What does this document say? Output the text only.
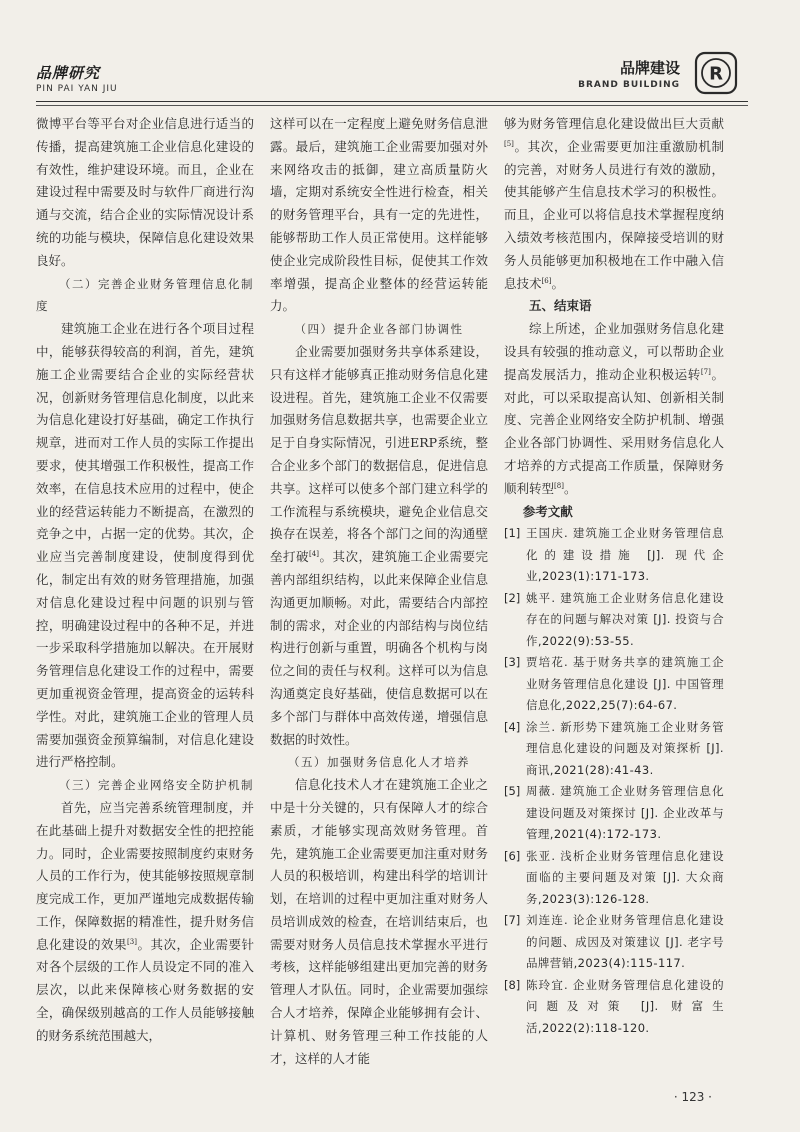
品牌研究
PIN PAI YAN JIU
品牌建设
BRAND BUILDING
R

微博平台等平台对企业信息进行适当的传播，提高建筑施工企业信息化建设的有效性，维护建设环境。而且，企业在建设过程中需要及时与软件厂商进行沟通与交流，结合企业的实际情况设计系统的功能与模块，保障信息化建设效果良好。

（二）完善企业财务管理信息化制度

建筑施工企业在进行各个项目过程中，能够获得较高的利润，首先，建筑施工企业需要结合企业的实际经营状况，创新财务管理信息化制度，以此来为信息化建设打好基础，确定工作执行规章，进而对工作人员的实际工作提出要求，使其增强工作积极性，提高工作效率，在信息技术应用的过程中，使企业的经营运转能力不断提高，在激烈的竞争之中，占据一定的优势。其次，企业应当完善制度建设，使制度得到优化，制定出有效的财务管理措施，加强对信息化建设过程中问题的识别与管控，明确建设过程中的各种不足，并进一步采取科学措施加以解决。在开展财务管理信息化建设工作的过程中，需要更加重视资金管理，提高资金的运转科学性。对此，建筑施工企业的管理人员需要加强资金预算编制，对信息化建设进行严格控制。

（三）完善企业网络安全防护机制

首先，应当完善系统管理制度，并在此基础上提升对数据安全性的把控能力。同时，企业需要按照制度约束财务人员的工作行为，使其能够按照规章制度完成工作，更加严谨地完成数据传输工作，保障数据的精准性，提升财务信息化建设的效果[3]。其次，企业需要针对各个层级的工作人员设定不同的准入层次，以此来保障核心财务数据的安全，确保级别越高的工作人员能够接触的财务系统范围越大，

这样可以在一定程度上避免财务信息泄露。最后，建筑施工企业需要加强对外来网络攻击的抵御，建立高质量防火墙，定期对系统安全性进行检查，相关的财务管理平台，具有一定的先进性，能够帮助工作人员正常使用。这样能够使企业完成阶段性目标，促使其工作效率增强，提高企业整体的经营运转能力。

（四）提升企业各部门协调性

企业需要加强财务共享体系建设，只有这样才能够真正推动财务信息化建设进程。首先，建筑施工企业不仅需要加强财务信息数据共享，也需要企业立足于自身实际情况，引进ERP系统，整合企业多个部门的数据信息，促进信息共享。这样可以使多个部门建立科学的工作流程与系统模块，避免企业信息交换存在误差，将各个部门之间的沟通壁垒打破[4]。其次，建筑施工企业需要完善内部组织结构，以此来保障企业信息沟通更加顺畅。对此，需要结合内部控制的需求，对企业的内部结构与岗位结构进行创新与重置，明确各个机构与岗位之间的责任与权利。这样可以为信息沟通奠定良好基础，使信息数据可以在多个部门与群体中高效传递，增强信息数据的时效性。

（五）加强财务信息化人才培养

信息化技术人才在建筑施工企业之中是十分关键的，只有保障人才的综合素质，才能够实现高效财务管理。首先，建筑施工企业需要更加注重对财务人员的积极培训，构建出科学的培训计划，在培训的过程中更加注重对财务人员培训成效的检查，在培训结束后，也需要对财务人员信息技术掌握水平进行考核，这样能够组建出更加完善的财务管理人才队伍。同时，企业需要加强综合人才培养，保障企业能够拥有会计、计算机、财务管理三种工作技能的人才，这样的人才能

够为财务管理信息化建设做出巨大贡献[5]。其次，企业需要更加注重激励机制的完善，对财务人员进行有效的激励，使其能够产生信息技术学习的积极性。而且，企业可以将信息技术掌握程度纳入绩效考核范围内，保障接受培训的财务人员能够更加积极地在工作中融入信息技术[6]。

五、结束语

综上所述，企业加强财务信息化建设具有较强的推动意义，可以帮助企业提高发展活力，推动企业积极运转[7]。对此，可以采取提高认知、创新相关制度、完善企业网络安全防护机制、增强企业各部门协调性、采用财务信息化人才培养的方式提高工作质量，保障财务顺利转型[8]。

参考文献
[1] 王国庆. 建筑施工企业财务管理信息化的建设措施 [J]. 现代企业,2023(1):171-173.
[2] 姚平. 建筑施工企业财务信息化建设存在的问题与解决对策 [J]. 投资与合作,2022(9):53-55.
[3] 贾培花. 基于财务共享的建筑施工企业财务管理信息化建设 [J]. 中国管理信息化,2022,25(7):64-67.
[4] 涂兰. 新形势下建筑施工企业财务管理信息化建设的问题及对策探析 [J]. 商讯,2021(28):41-43.
[5] 周薇. 建筑施工企业财务管理信息化建设问题及对策探讨 [J]. 企业改革与管理,2021(4):172-173.
[6] 张亚. 浅析企业财务管理信息化建设面临的主要问题及对策 [J]. 大众商务,2023(3):126-128.
[7] 刘连连. 论企业财务管理信息化建设的问题、成因及对策建议 [J]. 老字号品牌营销,2023(4):115-117.
[8] 陈玲宜. 企业财务管理信息化建设的问题及对策 [J]. 财富生活,2022(2):118-120.
· 123 ·
